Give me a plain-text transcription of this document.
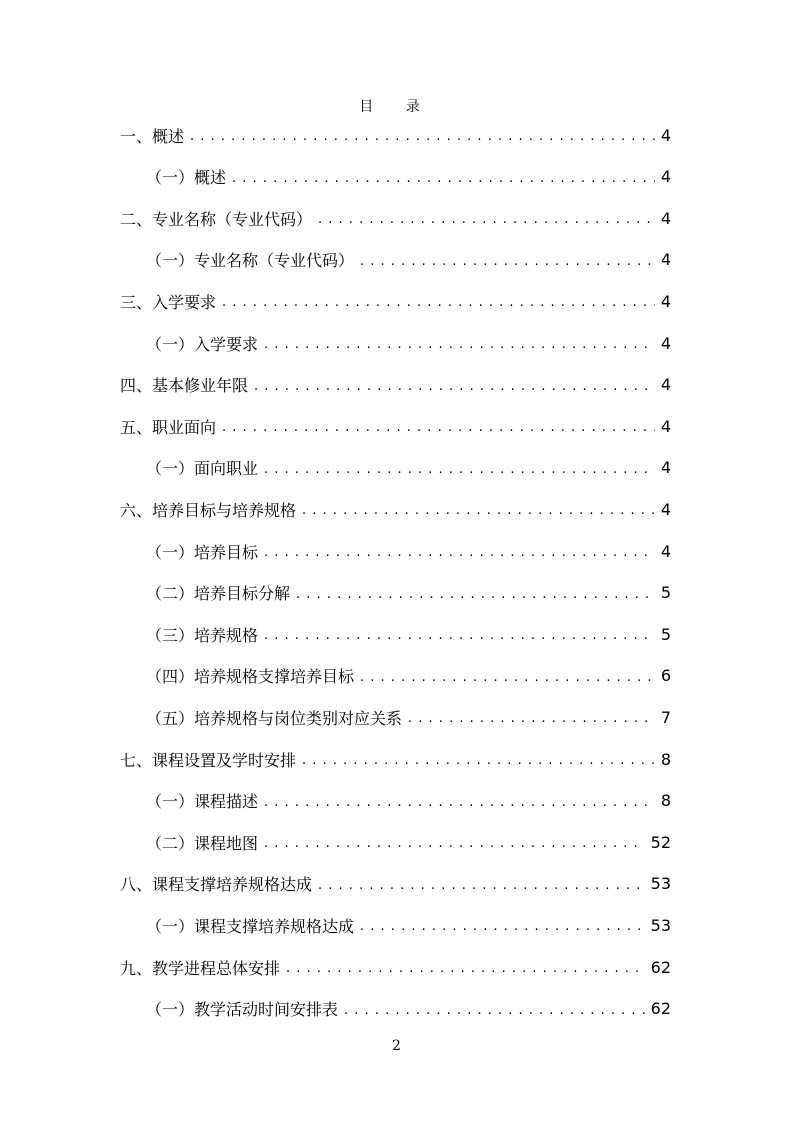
目 录
一、概述 . . .	4
（一）概述 . . .	4
二、专业名称（专业代码） . . .	4
（一）专业名称（专业代码） . . .	4
三、入学要求 . . .	4
（一）入学要求 . . .	4
四、基本修业年限 . . .	4
五、职业面向 . . .	4
（一）面向职业 . . .	4
六、培养目标与培养规格 . . .	4
（一）培养目标 . . .	4
（二）培养目标分解 . . .	5
（三）培养规格 . . .	5
（四）培养规格支撑培养目标 . . .	6
（五）培养规格与岗位类别对应关系 . . .	7
七、课程设置及学时安排 . . .	8
（一）课程描述 . . .	8
（二）课程地图 . . .	52
八、课程支撑培养规格达成 . . .	53
（一）课程支撑培养规格达成 . . .	53
九、教学进程总体安排 . . .	62
（一）教学活动时间安排表 . . .	62
2
